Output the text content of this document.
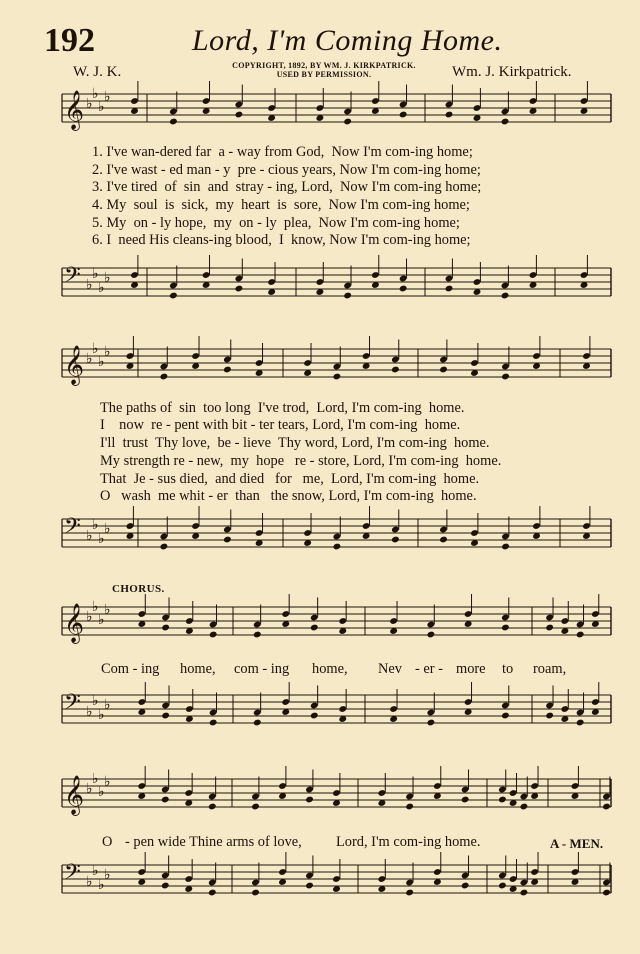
192	Lord, I'm Coming Home.
W. J. K.	COPYRIGHT, 1892, BY WM. J. KIRKPATRICK.
USED BY PERMISSION.	Wm. J. Kirkpatrick.
𝄞 ♭
♭
♭
♭
𝄢 ♭
♭
♭
♭
𝄞 ♭
♭
♭
♭
𝄢 ♭
♭
♭
♭
𝄞 ♭
♭
♭
♭
𝄢 ♭
♭
♭
♭
𝄞 ♭
♭
♭
♭
𝄢 ♭
♭
♭
♭
1. I've wan-dered far  a - way from God,  Now I'm com-ing home;
2. I've wast - ed man - y  pre - cious years, Now I'm com-ing home;
3. I've tired  of  sin  and  stray - ing, Lord,  Now I'm com-ing home;
4. My  soul  is  sick,  my  heart  is  sore,  Now I'm com-ing home;
5. My  on - ly hope,  my  on - ly  plea,  Now I'm com-ing home;
6. I  need His cleans-ing blood,  I  know, Now I'm com-ing home;
The paths of  sin  too long  I've trod,  Lord, I'm com-ing  home.
I    now  re - pent with bit - ter tears, Lord, I'm com-ing  home.
I'll  trust  Thy love,  be - lieve  Thy word, Lord, I'm com-ing  home.
My strength re - new,  my  hope   re - store, Lord, I'm com-ing  home.
That  Je - sus died,  and died   for   me,  Lord, I'm com-ing  home.
O   wash  me whit - er  than   the snow, Lord, I'm com-ing  home.
CHORUS.
Com - ing home, com - ing home, Nev - er - more to roam,
O - pen wide Thine arms of love, Lord, I'm com-ing home.	A - MEN.
